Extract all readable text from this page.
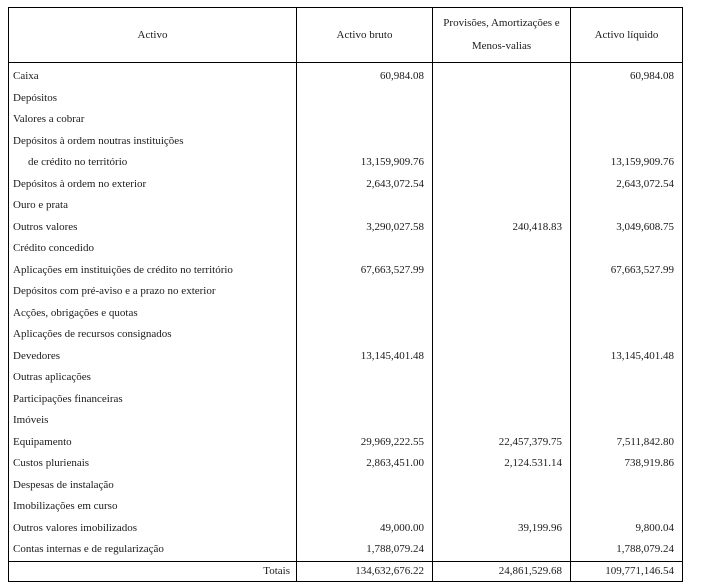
Activo	Activo bruto	Provisões, Amortizações e Menos-valias	Activo líquido
Caixa	60,984.08		60,984.08
Depósitos			
Valores a cobrar			
Depósitos à ordem noutras instituições			
de crédito no território	13,159,909.76		13,159,909.76
Depósitos à ordem no exterior	2,643,072.54		2,643,072.54
Ouro e prata			
Outros valores	3,290,027.58	240,418.83	3,049,608.75
Crédito concedido			
Aplicações em instituições de crédito no território	67,663,527.99		67,663,527.99
Depósitos com pré-aviso e a prazo no exterior			
Acções, obrigações e quotas			
Aplicações de recursos consignados			
Devedores	13,145,401.48		13,145,401.48
Outras aplicações			
Participações financeiras			
Imóveis			
Equipamento	29,969,222.55	22,457,379.75	7,511,842.80
Custos plurienais	2,863,451.00	2,124.531.14	738,919.86
Despesas de instalação			
Imobilizações em curso			
Outros valores imobilizados	49,000.00	39,199.96	9,800.04
Contas internas e de regularização	1,788,079.24		1,788,079.24
Totais	134,632,676.22	24,861,529.68	109,771,146.54
